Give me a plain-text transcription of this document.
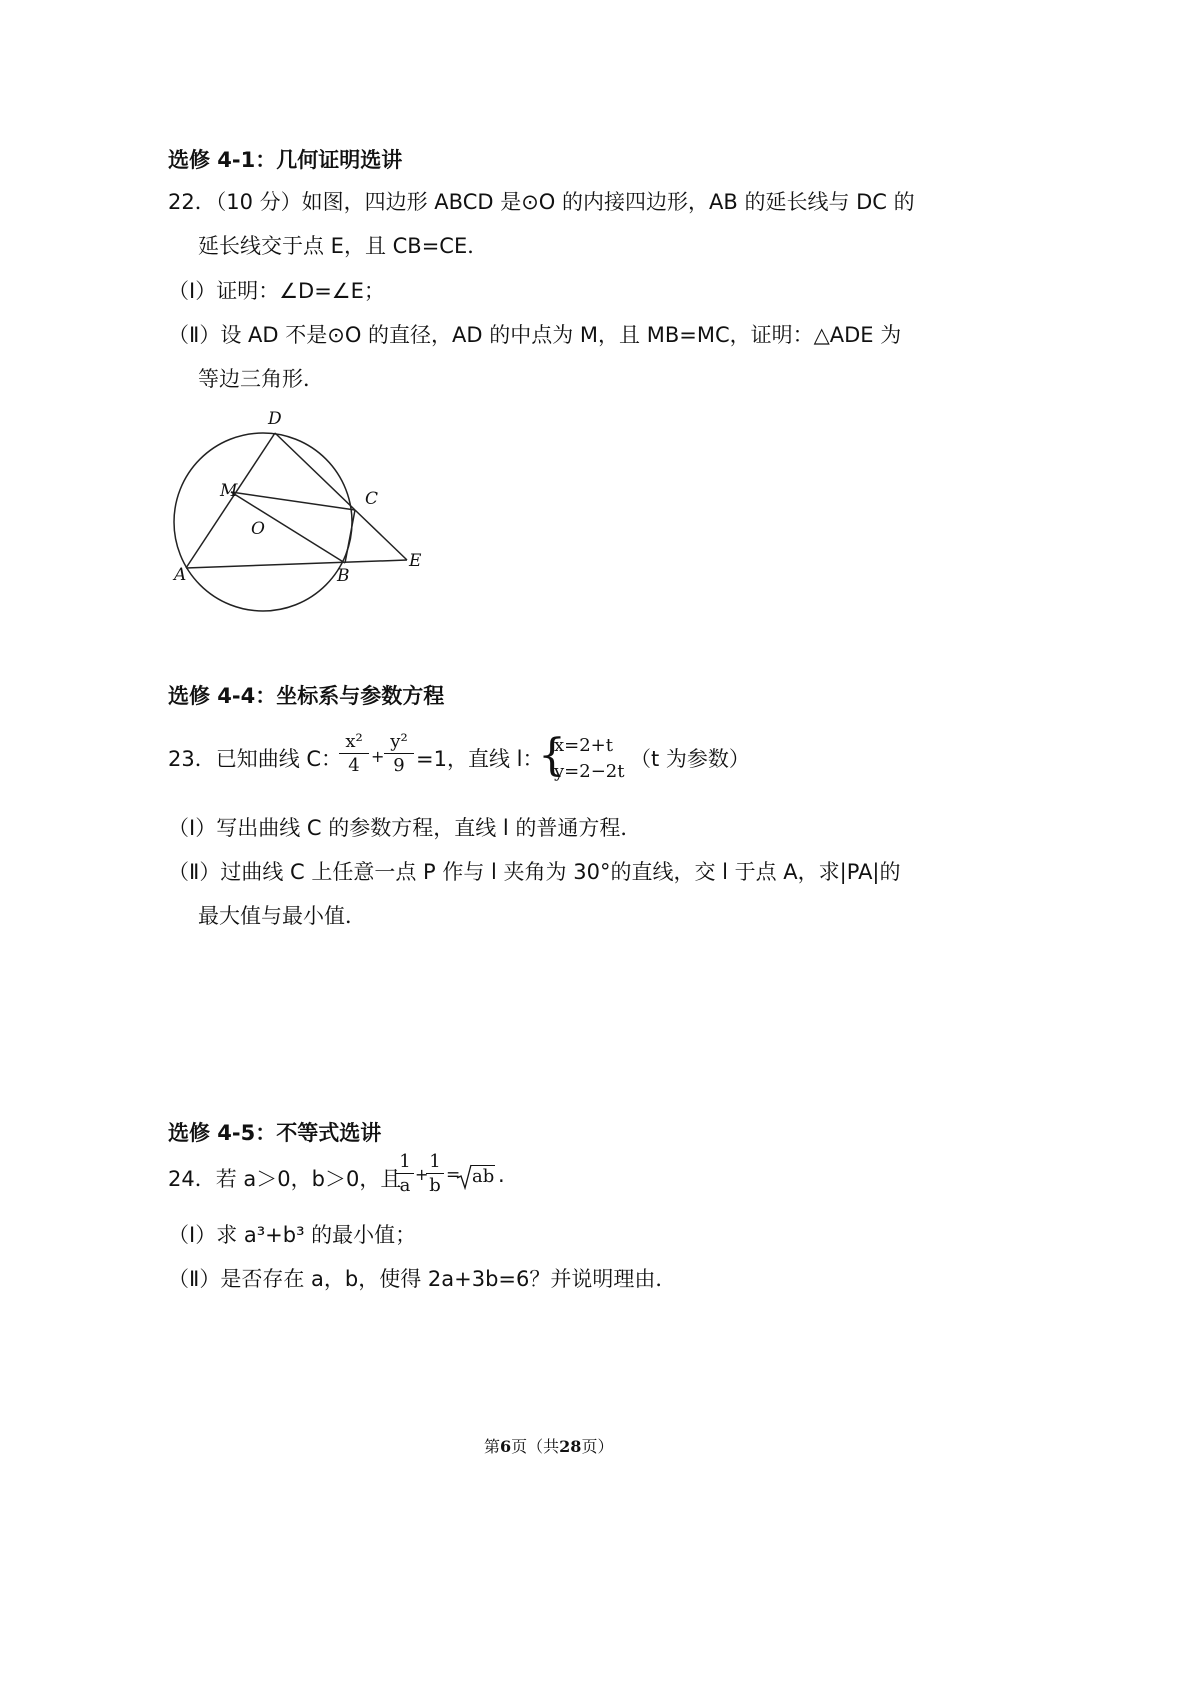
选修 4-1：几何证明选讲
22．（10 分）如图，四边形 ABCD 是⊙O 的内接四边形，AB 的延长线与 DC 的
延长线交于点 E，且 CB=CE．
（Ⅰ）证明：∠D=∠E；
（Ⅱ）设 AD 不是⊙O 的直径，AD 的中点为 M，且 MB=MC，证明：△ADE 为
等边三角形．
D
M	C
O
A	B
E
选修 4-4：坐标系与参数方程
23．已知曲线 C：
$\frac{\text{x²}}{4} + \frac{\text{y²}}{9} =1$，直线 l：
{
x=2+t
y=2−2t
（t 为参数）
（Ⅰ）写出曲线 C 的参数方程，直线 l 的普通方程．
（Ⅱ）过曲线 C 上任意一点 P 作与 l 夹角为 30°的直线，交 l 于点 A，求|PA|的
最大值与最小值．
选修 4-5：不等式选讲
24．若 a＞0，b＞0，且
$\frac{1}{a}$ +
$\frac{1}{b}$ = ab .
（Ⅰ）求 a³+b³ 的最小值；
（Ⅱ）是否存在 a，b，使得 2a+3b=6？并说明理由．
第6页（共28页）
